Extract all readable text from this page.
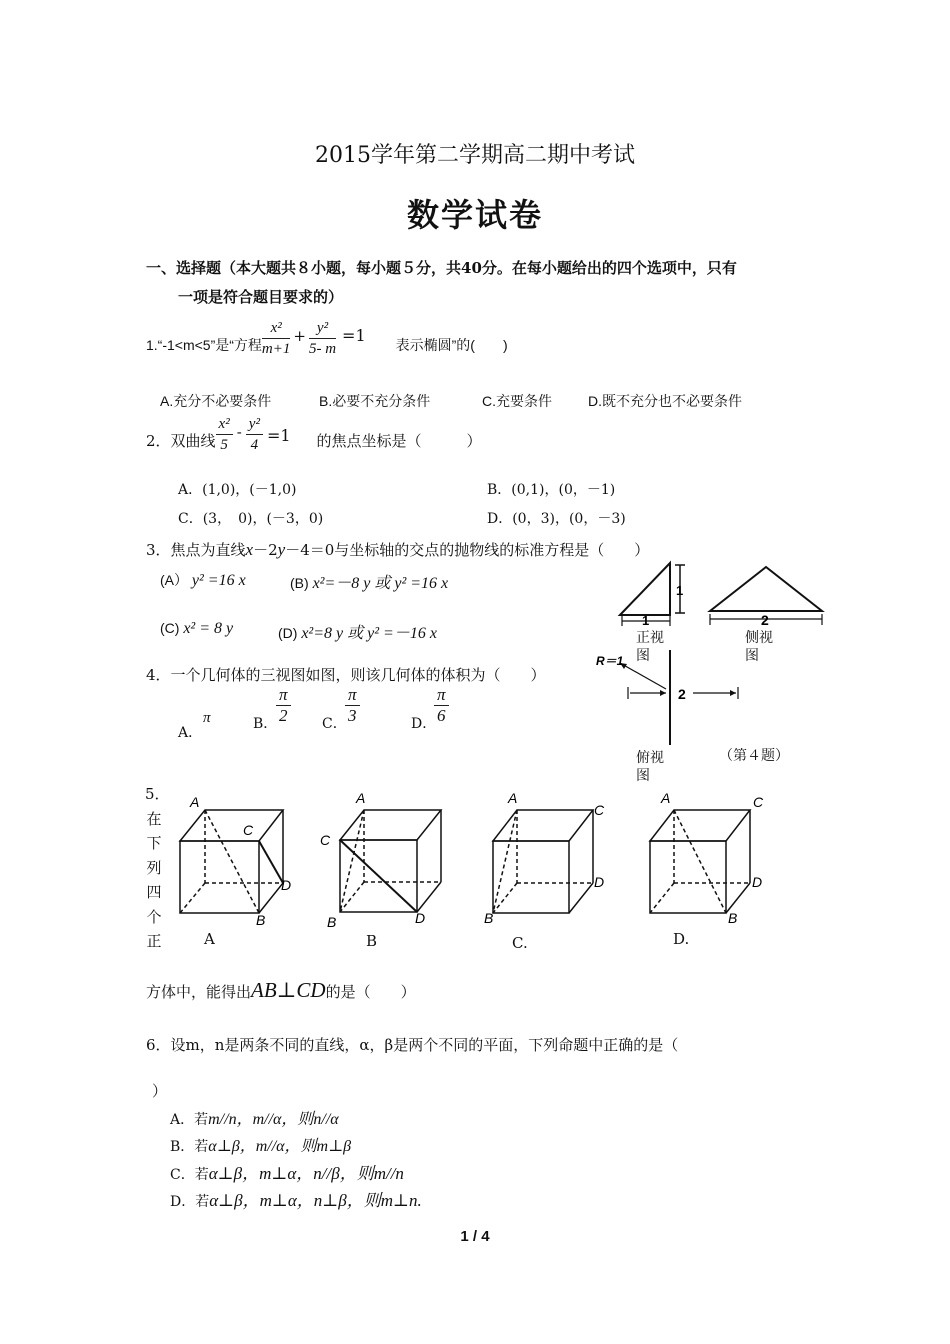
2015学年第二学期高二期中考试
数学试卷
一、选择题（本大题共８小题，每小题５分，共40分。在每小题给出的四个选项中，只有
一项是符合题目要求的）
1.“-1<m<5”是“方程 $\frac{\text{x²}}{m+1} + \frac{\text{y²}}{5- m} =1$	表示椭圆”的(　　)
A.充分不必要条件	B.必要不充分条件	C.充要条件	D.既不充分也不必要条件
2．双曲线 $\frac{\text{x²}}{5} - \frac{\text{y²}}{4} =1$	的焦点坐标是（　　　）
A．(1,0)，(－1,0)	B．(0,1)，(0，－1)
C．(3，　0)，(－3，0)	D．(0，3)，(0，－3)
3．焦点为直线x－2y－4＝0与坐标轴的交点的抛物线的标准方程是（　　）
(A） y² =16 x	(B) x²=－8 y 或 y² =16 x
(C) x² = 8 y	(D) x²=8 y 或 y² =－16 x
1
1	2
2
R＝1
正视图
侧视图
俯视图
（第４题）
4．一个几何体的三视图如图，则该几何体的体积为（　　）
A．
π	B．
$\frac{\pi}{2}$ C．
$\frac{\pi}{3}$	D．
$\frac{\pi}{6}$
5．在下列四个正
A
C
D
B
A
C
D
B
A
C
D
B
A	C
D
B
A	B	C.	D.
方体中，能得出AB⊥CD的是（　　）
6．设m，n是两条不同的直线，α，β是两个不同的平面，下列命题中正确的是（
）
A．若m//n，m//α，则n//α
B．若α⊥β，m//α，则m⊥β
C．若α⊥β，m⊥α，n//β，则m//n
D．若α⊥β，m⊥α，n⊥β，则m⊥n.
1 / 4
